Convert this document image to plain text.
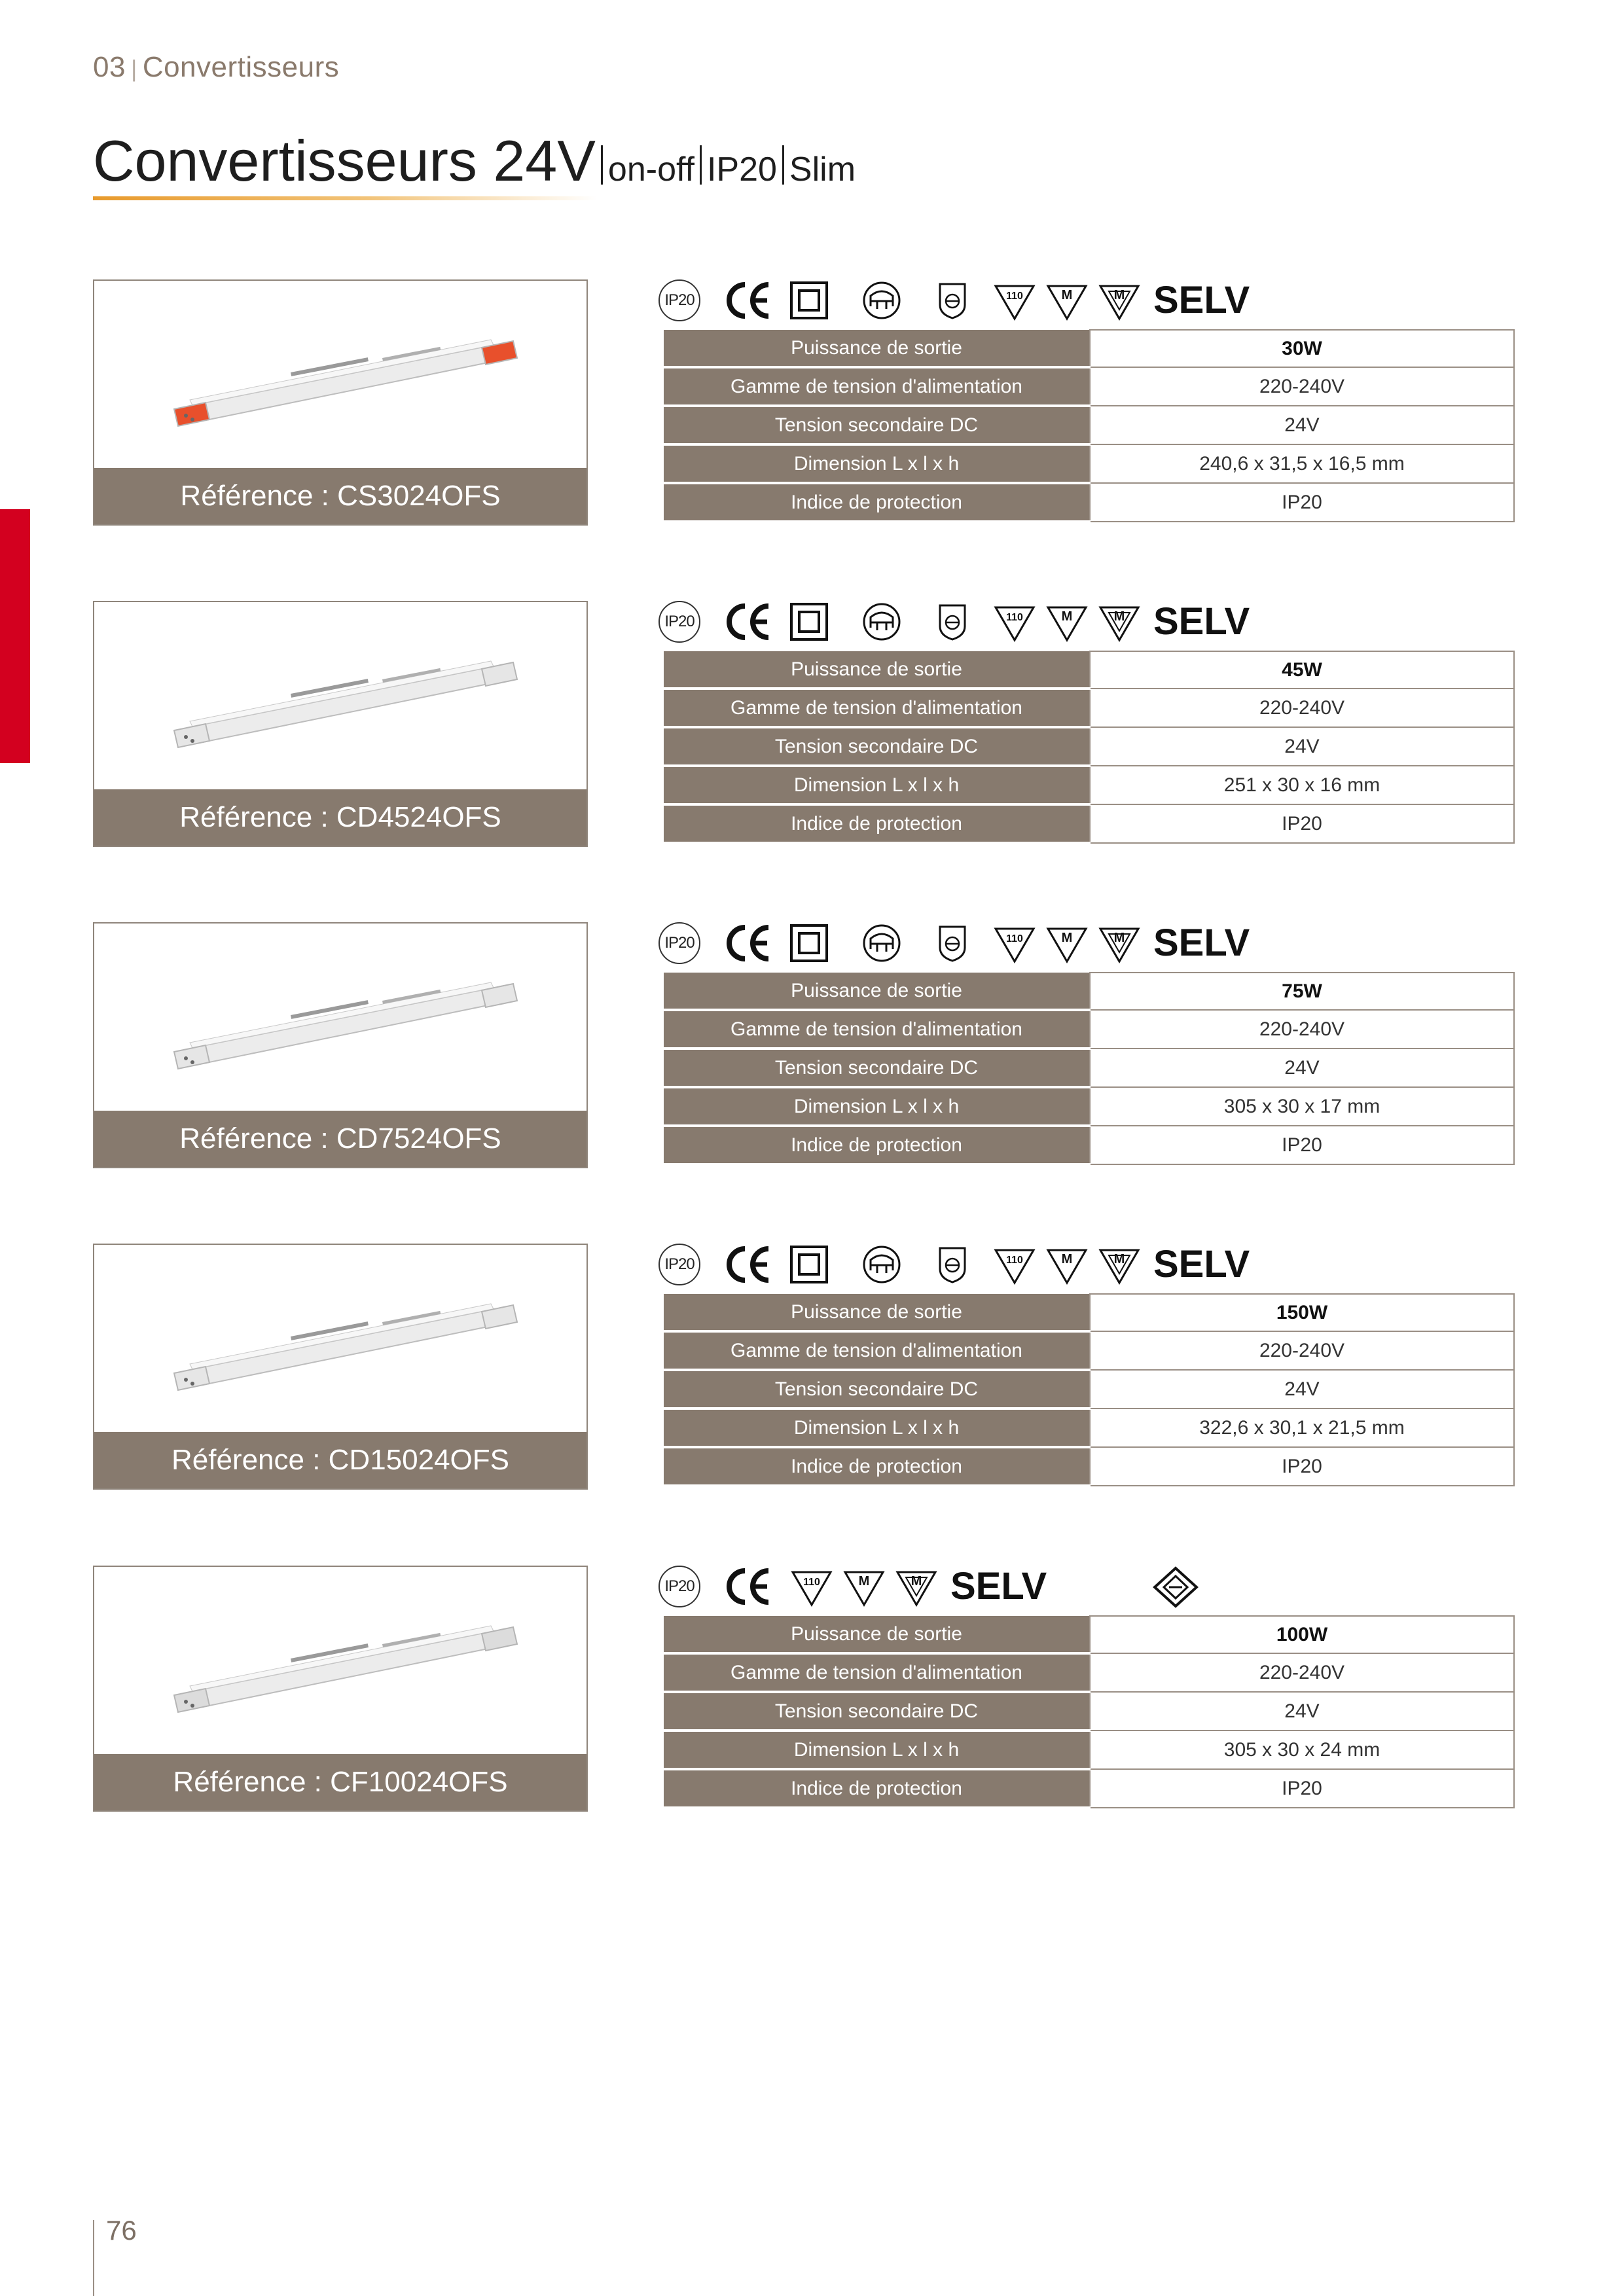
03 | Convertisseurs
Convertisseurs 24V on-off IP20 Slim
Référence : CS3024OFS
IP20	110	M	M SELV
Puissance de sortie	30W
Gamme de tension d'alimentation	220-240V
Tension secondaire DC	24V
Dimension L x l x h	240,6 x 31,5 x 16,5 mm
Indice de protection	IP20
Référence : CD4524OFS
IP20	110	M	M SELV
Puissance de sortie	45W
Gamme de tension d'alimentation	220-240V
Tension secondaire DC	24V
Dimension L x l x h	251 x 30 x 16 mm
Indice de protection	IP20
Référence : CD7524OFS
IP20	110	M	M SELV
Puissance de sortie	75W
Gamme de tension d'alimentation	220-240V
Tension secondaire DC	24V
Dimension L x l x h	305 x 30 x 17 mm
Indice de protection	IP20
Référence : CD15024OFS
IP20	110	M	M SELV
Puissance de sortie	150W
Gamme de tension d'alimentation	220-240V
Tension secondaire DC	24V
Dimension L x l x h	322,6 x 30,1 x 21,5 mm
Indice de protection	IP20
Référence : CF10024OFS
IP20	110	M	M SELV
Puissance de sortie	100W
Gamme de tension d'alimentation	220-240V
Tension secondaire DC	24V
Dimension L x l x h	305 x 30 x 24 mm
Indice de protection	IP20
76
